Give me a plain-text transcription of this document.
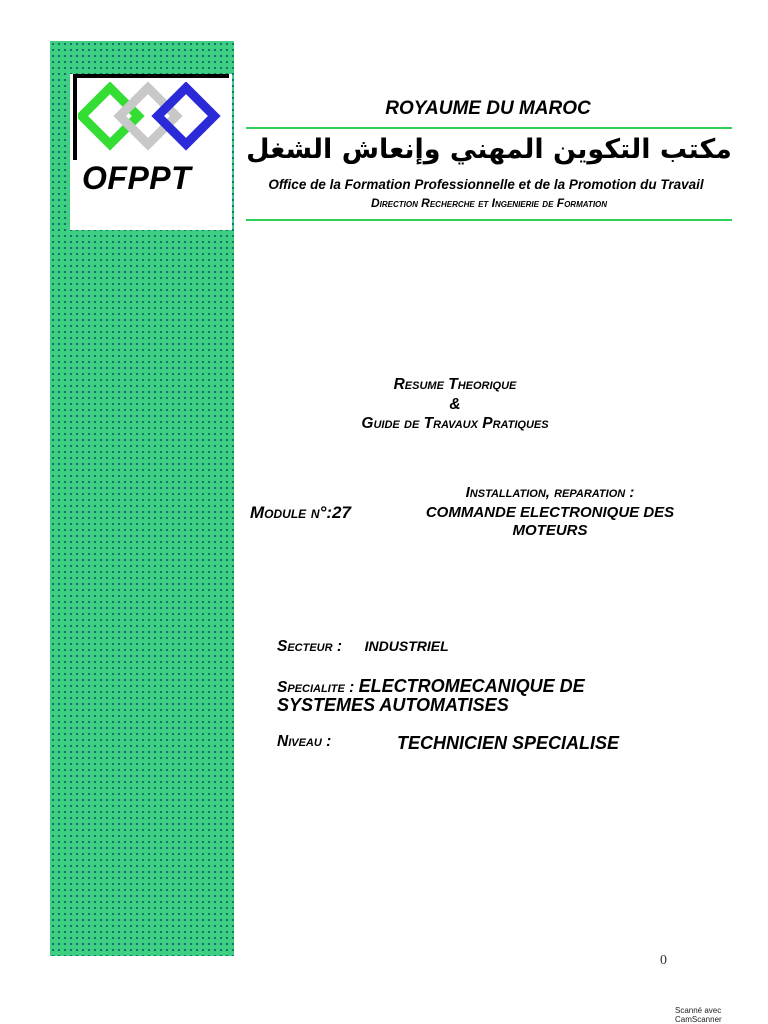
OFPPT
ROYAUME DU MAROC
مكتب التكوين المهني وإنعاش الشغل
Office de la Formation Professionnelle et de la Promotion du Travail
Direction Recherche et Ingenierie de Formation
Resume Theorique
&
Guide de Travaux Pratiques
Module n°:27
Installation, reparation :
COMMANDE ELECTRONIQUE DES
MOTEURS
Secteur : INDUSTRIEL
Specialite : ELECTROMECANIQUE DE
SYSTEMES AUTOMATISES
Niveau :	TECHNICIEN SPECIALISE
0
Scanné avec CamScanner
